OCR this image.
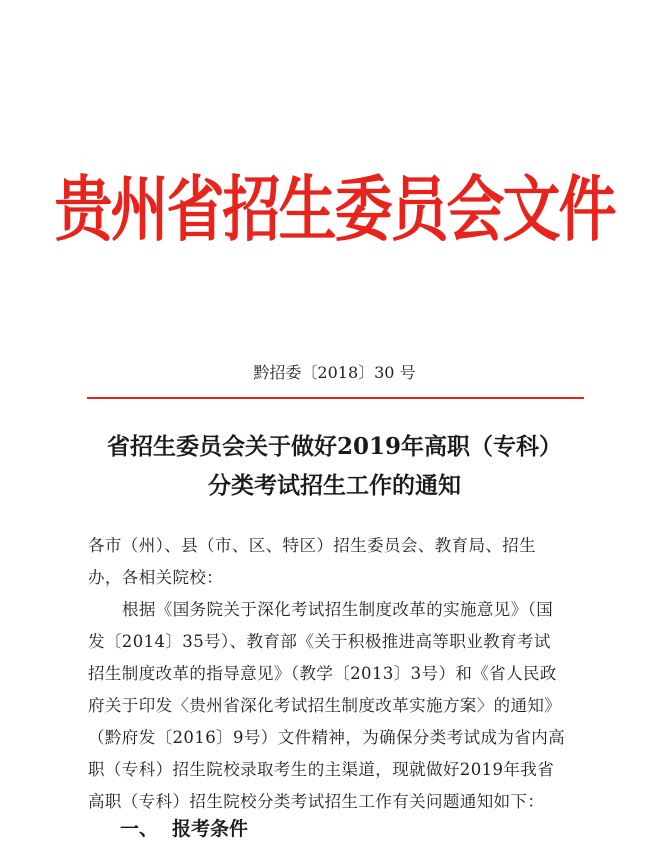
贵州省招生委员会文件
黔招委〔2018〕30 号
省招生委员会关于做好2019年高职（专科）
分类考试招生工作的通知
各市（州）、县（市、区、特区）招生委员会、教育局、招生
办，各相关院校：
根据《国务院关于深化考试招生制度改革的实施意见》（国
发〔2014〕35号）、教育部《关于积极推进高等职业教育考试
招生制度改革的指导意见》（教学〔2013〕3号）和《省人民政
府关于印发〈贵州省深化考试招生制度改革实施方案〉的通知》
（黔府发〔2016〕9号）文件精神，为确保分类考试成为省内高
职（专科）招生院校录取考生的主渠道，现就做好2019年我省
高职（专科）招生院校分类考试招生工作有关问题通知如下：
一、 报考条件
